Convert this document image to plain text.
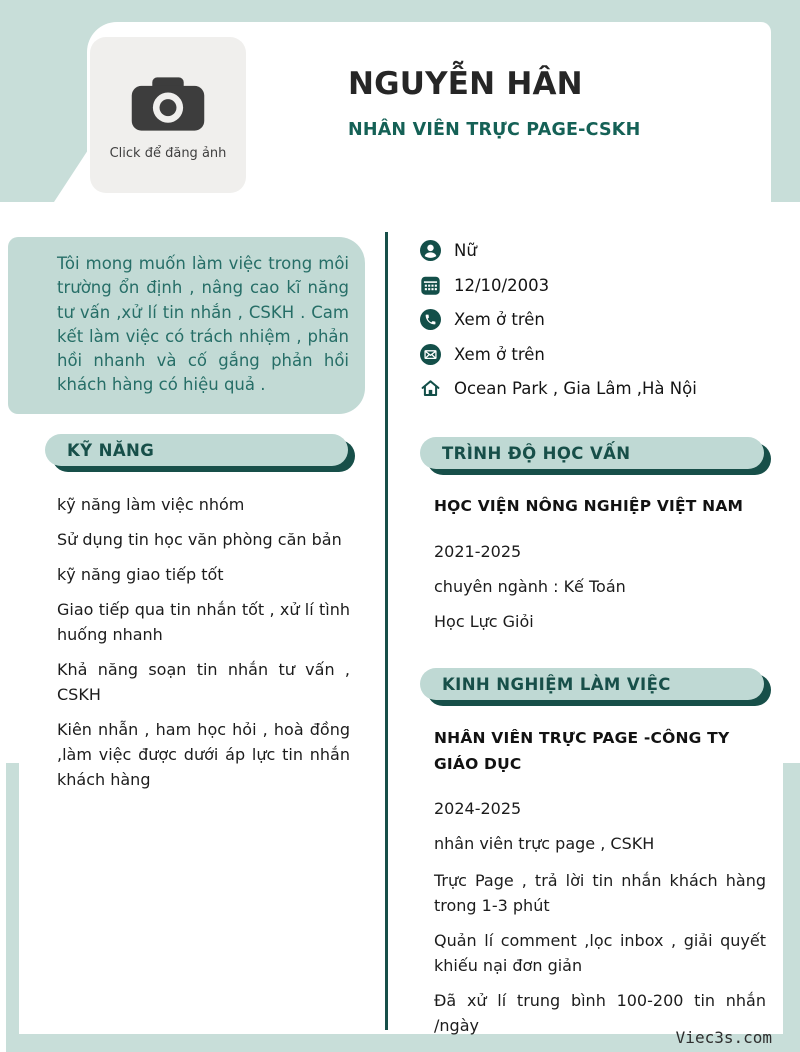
Click để đăng ảnh
NGUYỄN HÂN
NHÂN VIÊN TRỰC PAGE-CSKH
Viec3s.com

Tôi mong muốn làm việc trong môi trường ổn định , nâng cao kĩ năng tư vấn ,xử lí tin nhắn , CSKH . Cam kết làm việc có trách nhiệm , phản hồi nhanh và cố gắng phản hồi khách hàng có hiệu quả .

KỸ NĂNG
kỹ năng làm việc nhóm
Sử dụng tin học văn phòng căn bản
kỹ năng giao tiếp tốt
Giao tiếp qua tin nhắn tốt , xử lí tình huống nhanh
Khả năng soạn tin nhắn tư vấn , CSKH
Kiên nhẫn , ham học hỏi , hoà đồng ,làm việc được dưới áp lực tin nhắn khách hàng
Nữ
12/10/2003
Xem ở trên
Xem ở trên
Ocean Park , Gia Lâm ,Hà Nội
TRÌNH ĐỘ HỌC VẤN
HỌC VIỆN NÔNG NGHIỆP VIỆT NAM
2021-2025
chuyên ngành : Kế Toán
Học Lực Giỏi
KINH NGHIỆM LÀM VIỆC
NHÂN VIÊN TRỰC PAGE -CÔNG TY GIÁO DỤC
2024-2025
nhân viên trực page , CSKH

Trực Page , trả lời tin nhắn khách hàng trong 1-3 phút

Quản lí comment ,lọc inbox , giải quyết khiếu nại đơn giản

Đã xử lí trung bình 100-200 tin nhắn /ngày
